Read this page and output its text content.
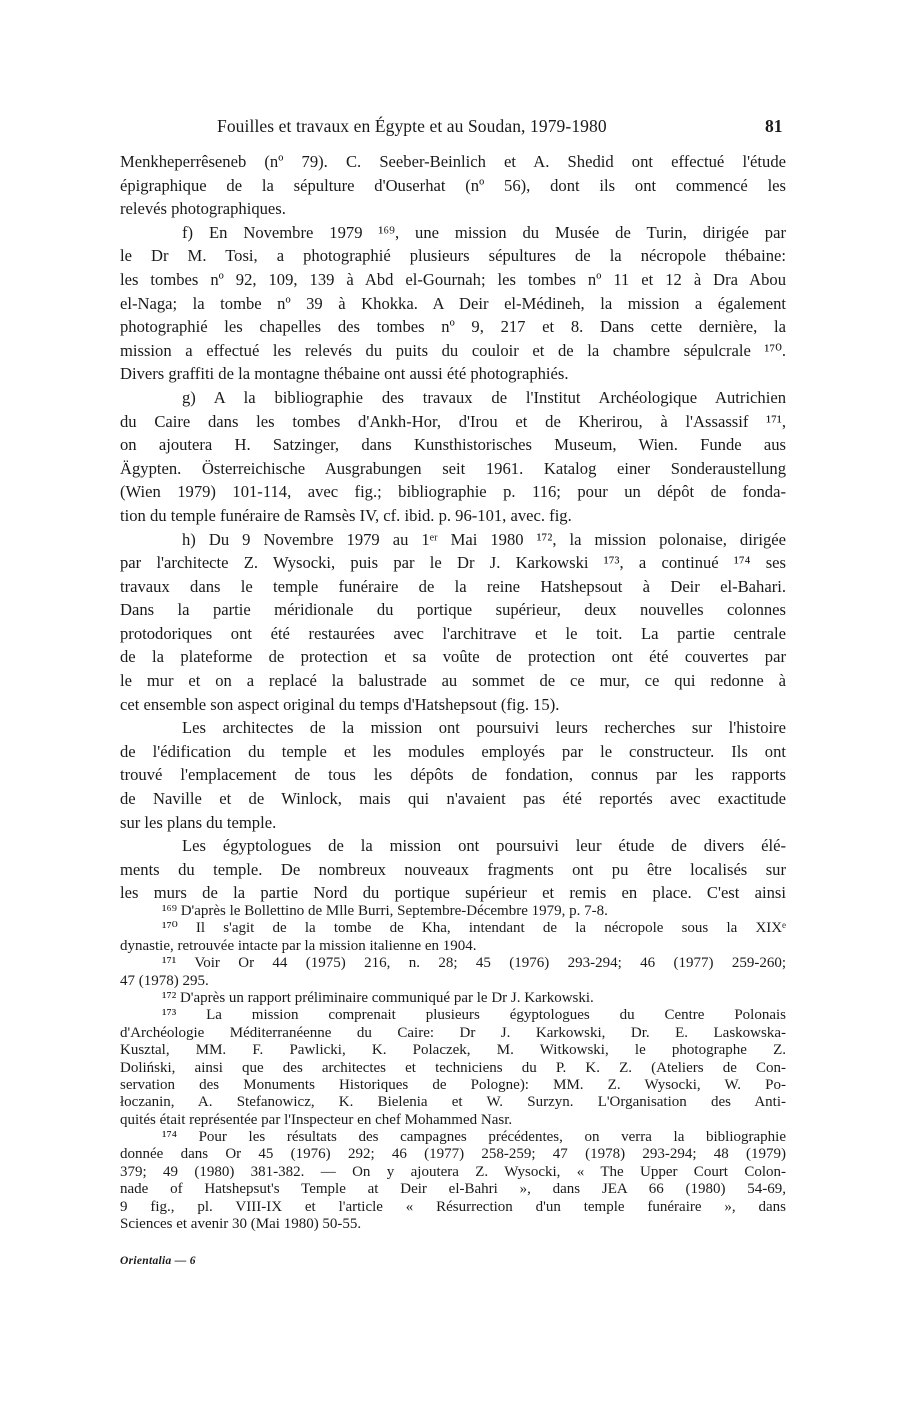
Fouilles et travaux en Égypte et au Soudan, 1979-1980	81
Menkheperrêseneb (nº 79). C. Seeber-Beinlich et A. Shedid ont effectué l'étude
épigraphique de la sépulture d'Ouserhat (nº 56), dont ils ont commencé les
relevés photographiques.
f) En Novembre 1979 ¹⁶⁹, une mission du Musée de Turin, dirigée par
le Dr M. Tosi, a photographié plusieurs sépultures de la nécropole thébaine:
les tombes nº 92, 109, 139 à Abd el-Gournah; les tombes nº 11 et 12 à Dra Abou
el-Naga; la tombe nº 39 à Khokka. A Deir el-Médineh, la mission a également
photographié les chapelles des tombes nº 9, 217 et 8. Dans cette dernière, la
mission a effectué les relevés du puits du couloir et de la chambre sépulcrale ¹⁷⁰.
Divers graffiti de la montagne thébaine ont aussi été photographiés.
g) A la bibliographie des travaux de l'Institut Archéologique Autrichien
du Caire dans les tombes d'Ankh-Hor, d'Irou et de Kherirou, à l'Assassif ¹⁷¹,
on ajoutera H. Satzinger, dans Kunsthistorisches Museum, Wien. Funde aus
Ägypten. Österreichische Ausgrabungen seit 1961. Katalog einer Sonderaustellung
(Wien 1979) 101-114, avec fig.; bibliographie p. 116; pour un dépôt de fonda-
tion du temple funéraire de Ramsès IV, cf. ibid. p. 96-101, avec. fig.
h) Du 9 Novembre 1979 au 1ᵉʳ Mai 1980 ¹⁷², la mission polonaise, dirigée
par l'architecte Z. Wysocki, puis par le Dr J. Karkowski ¹⁷³, a continué ¹⁷⁴ ses
travaux dans le temple funéraire de la reine Hatshepsout à Deir el-Bahari.
Dans la partie méridionale du portique supérieur, deux nouvelles colonnes
protodoriques ont été restaurées avec l'architrave et le toit. La partie centrale
de la plateforme de protection et sa voûte de protection ont été couvertes par
le mur et on a replacé la balustrade au sommet de ce mur, ce qui redonne à
cet ensemble son aspect original du temps d'Hatshepsout (fig. 15).
Les architectes de la mission ont poursuivi leurs recherches sur l'histoire
de l'édification du temple et les modules employés par le constructeur. Ils ont
trouvé l'emplacement de tous les dépôts de fondation, connus par les rapports
de Naville et de Winlock, mais qui n'avaient pas été reportés avec exactitude
sur les plans du temple.
Les égyptologues de la mission ont poursuivi leur étude de divers élé-
ments du temple. De nombreux nouveaux fragments ont pu être localisés sur
les murs de la partie Nord du portique supérieur et remis en place. C'est ainsi
¹⁶⁹ D'après le Bollettino de Mlle Burri, Septembre-Décembre 1979, p. 7-8.
¹⁷⁰ Il s'agit de la tombe de Kha, intendant de la nécropole sous la XIXᵉ
dynastie, retrouvée intacte par la mission italienne en 1904.
¹⁷¹ Voir Or 44 (1975) 216, n. 28; 45 (1976) 293-294; 46 (1977) 259-260;
47 (1978) 295.
¹⁷² D'après un rapport préliminaire communiqué par le Dr J. Karkowski.
¹⁷³ La mission comprenait plusieurs égyptologues du Centre Polonais
d'Archéologie Méditerranéenne du Caire: Dr J. Karkowski, Dr. E. Laskowska-
Kusztal, MM. F. Pawlicki, K. Polaczek, M. Witkowski, le photographe Z.
Doliński, ainsi que des architectes et techniciens du P. K. Z. (Ateliers de Con-
servation des Monuments Historiques de Pologne): MM. Z. Wysocki, W. Po-
łoczanin, A. Stefanowicz, K. Bielenia et W. Surzyn. L'Organisation des Anti-
quités était représentée par l'Inspecteur en chef Mohammed Nasr.
¹⁷⁴ Pour les résultats des campagnes précédentes, on verra la bibliographie
donnée dans Or 45 (1976) 292; 46 (1977) 258-259; 47 (1978) 293-294; 48 (1979)
379; 49 (1980) 381-382. — On y ajoutera Z. Wysocki, « The Upper Court Colon-
nade of Hatshepsut's Temple at Deir el-Bahri », dans JEA 66 (1980) 54-69,
9 fig., pl. VIII-IX et l'article « Résurrection d'un temple funéraire », dans
Sciences et avenir 30 (Mai 1980) 50-55.
Orientalia — 6
